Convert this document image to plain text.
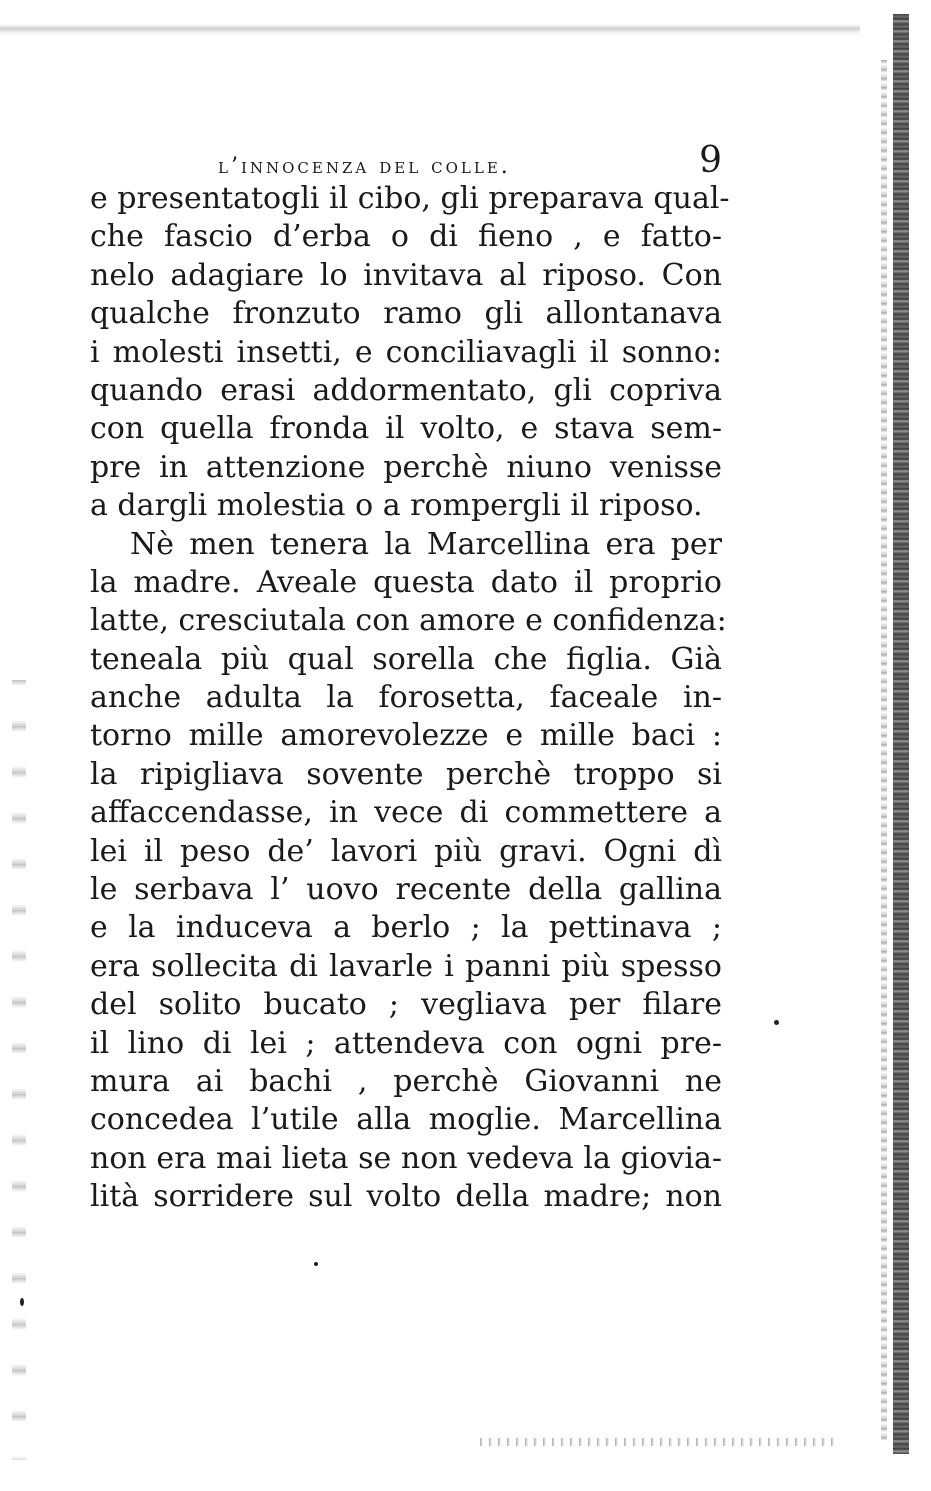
l’innocenza del colle.	9
e presentatogli il cibo, gli preparava qual-
che fascio d’erba o di fieno , e fatto-
nelo adagiare lo invitava al riposo. Con
qualche fronzuto ramo gli allontanava
i molesti insetti, e conciliavagli il sonno:
quando erasi addormentato, gli copriva
con quella fronda il volto, e stava sem-
pre in attenzione perchè niuno venisse
a dargli molestia o a rompergli il riposo.
Nè men tenera la Marcellina era per
la madre. Aveale questa dato il proprio
latte, cresciutala con amore e confidenza:
teneala più qual sorella che figlia. Già
anche adulta la forosetta, faceale in-
torno mille amorevolezze e mille baci :
la ripigliava sovente perchè troppo si
affaccendasse, in vece di commettere a
lei il peso de’ lavori più gravi. Ogni dì
le serbava l’ uovo recente della gallina
e la induceva a berlo ; la pettinava ;
era sollecita di lavarle i panni più spesso
del solito bucato ; vegliava per filare
il lino di lei ; attendeva con ogni pre-
mura ai bachi , perchè Giovanni ne
concedea l’utile alla moglie. Marcellina
non era mai lieta se non vedeva la giovia-
lità sorridere sul volto della madre; non
